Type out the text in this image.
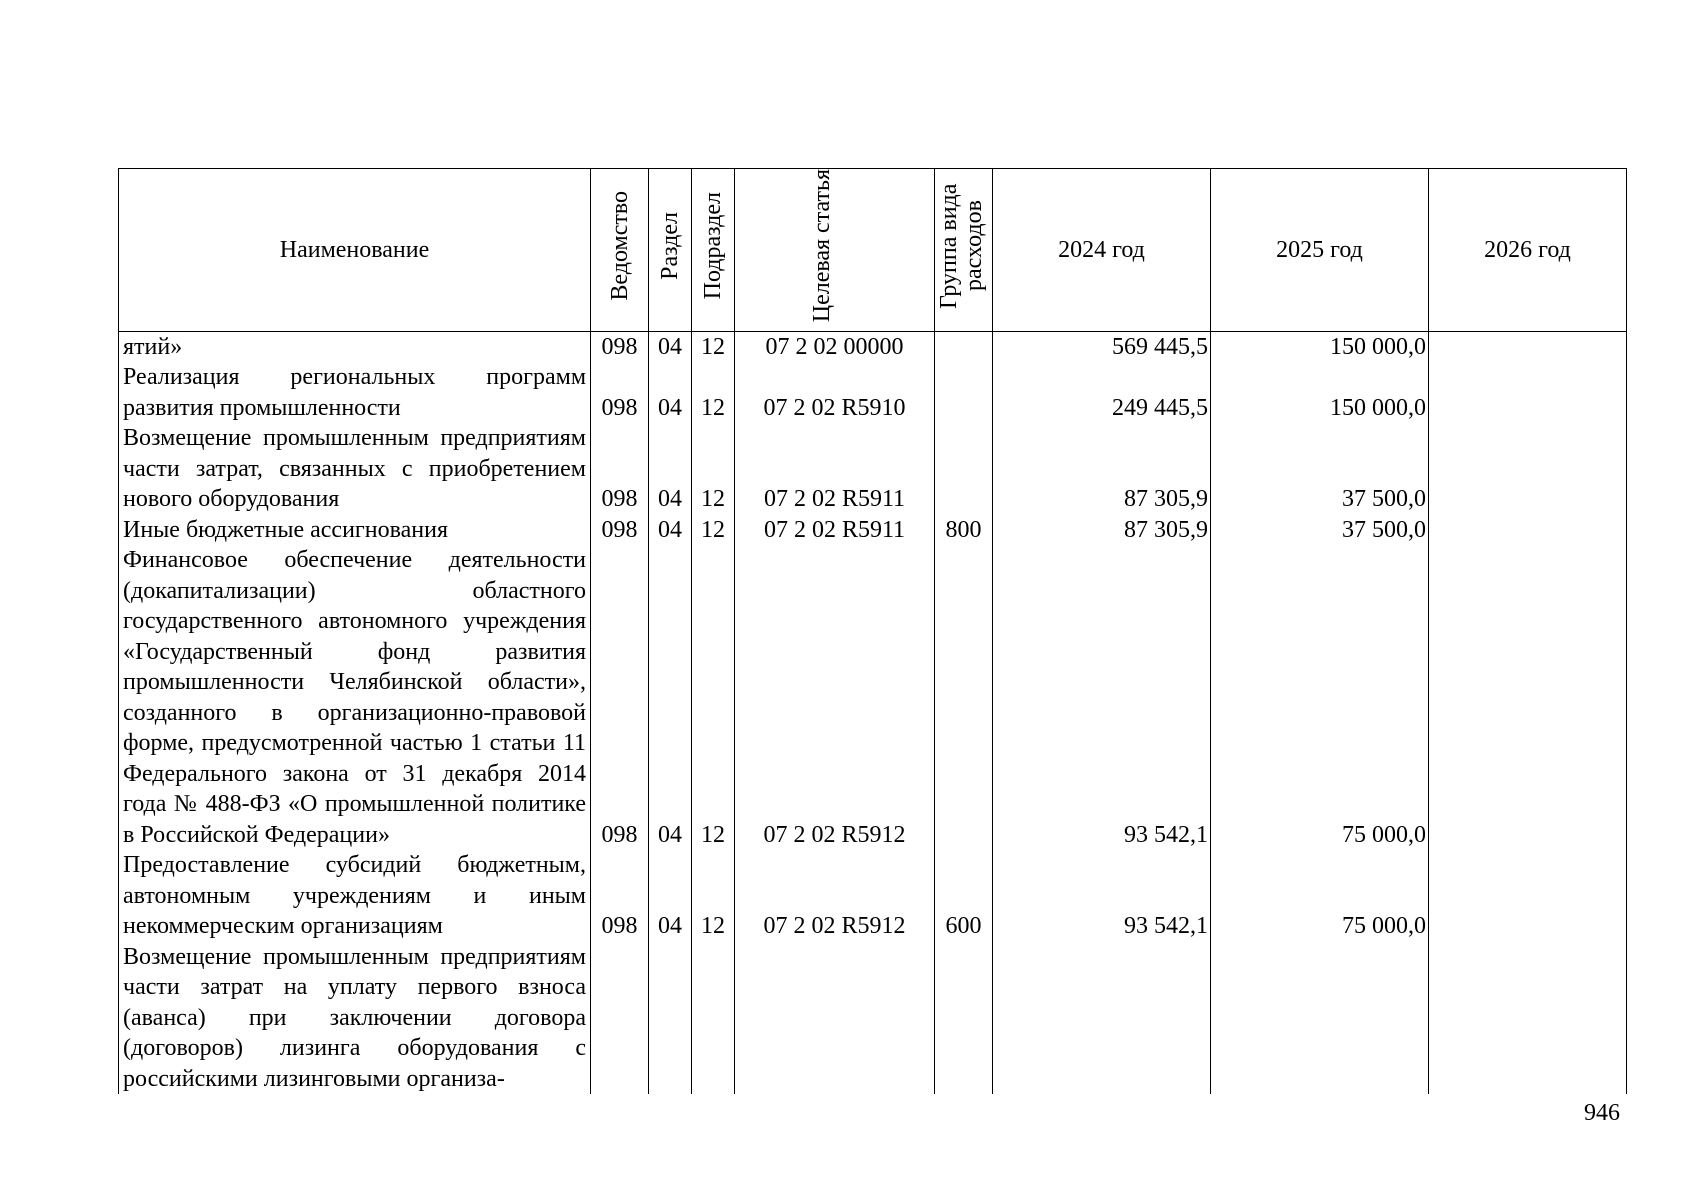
Наименование	Ведомство	Раздел	Подраздел	Целевая статья	Группа вида расходов	2024 год	2025 год	2026 год
ятий»	098	04	12	07 2 02 00000		569 445,5	150 000,0	
Реализация региональных программ развития промышленности	098	04	12	07 2 02 R5910		249 445,5	150 000,0	
Возмещение промышленным предприятиям части затрат, связанных с приобретением нового оборудования	098	04	12	07 2 02 R5911		87 305,9	37 500,0	
Иные бюджетные ассигнования	098	04	12	07 2 02 R5911	800	87 305,9	37 500,0	
Финансовое обеспечение деятельности (докапитализации) областного государственного автономного учреждения «Государственный фонд развития промышленности Челябинской области», созданного в организационно-правовой форме, предусмотренной частью 1 статьи 11 Федерального закона от 31 декабря 2014 года № 488-ФЗ «О промышленной политике в Российской Федерации»	098	04	12	07 2 02 R5912		93 542,1	75 000,0	
Предоставление субсидий бюджетным, автономным учреждениям и иным некоммерческим организациям	098	04	12	07 2 02 R5912	600	93 542,1	75 000,0	
Возмещение промышленным предприятиям части затрат на уплату первого взноса (аванса) при заключении договора (договоров) лизинга оборудования с российскими лизинговыми организа-								
946
